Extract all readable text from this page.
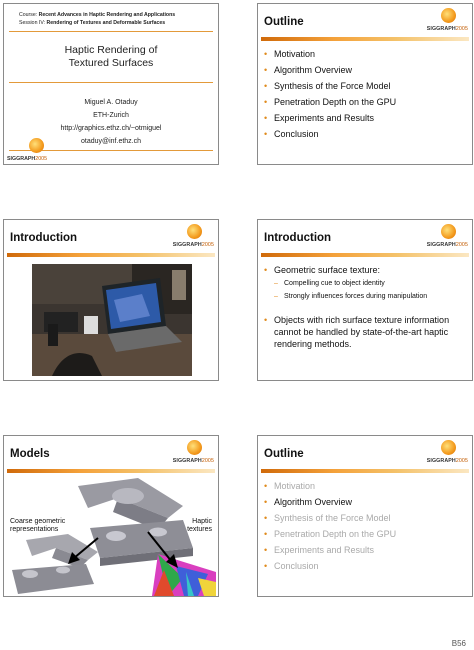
Course: Recent Advances in Haptic Rendering and Applications
Session IV: Rendering of Textures and Deformable Surfaces
Haptic Rendering of
Textured Surfaces
Miguel A. Otaduy
ETH-Zurich
http://graphics.ethz.ch/~otmiguel
otaduy@inf.ethz.ch
SIGGRAPH2005
Outline
SIGGRAPH2005
• Motivation
• Algorithm Overview
• Synthesis of the Force Model
• Penetration Depth on the GPU
• Experiments and Results
• Conclusion
Introduction
SIGGRAPH2005
Introduction
SIGGRAPH2005
• Geometric surface texture:
– Compelling cue to object identity
– Strongly influences forces during manipulation
• Objects with rich surface texture information cannot be handled by state-of-the-art haptic rendering methods.
Models
SIGGRAPH2005
Coarse geometric
representations
Haptic
textures
Outline
SIGGRAPH2005
• Motivation
• Algorithm Overview
• Synthesis of the Force Model
• Penetration Depth on the GPU
• Experiments and Results
• Conclusion
B56
